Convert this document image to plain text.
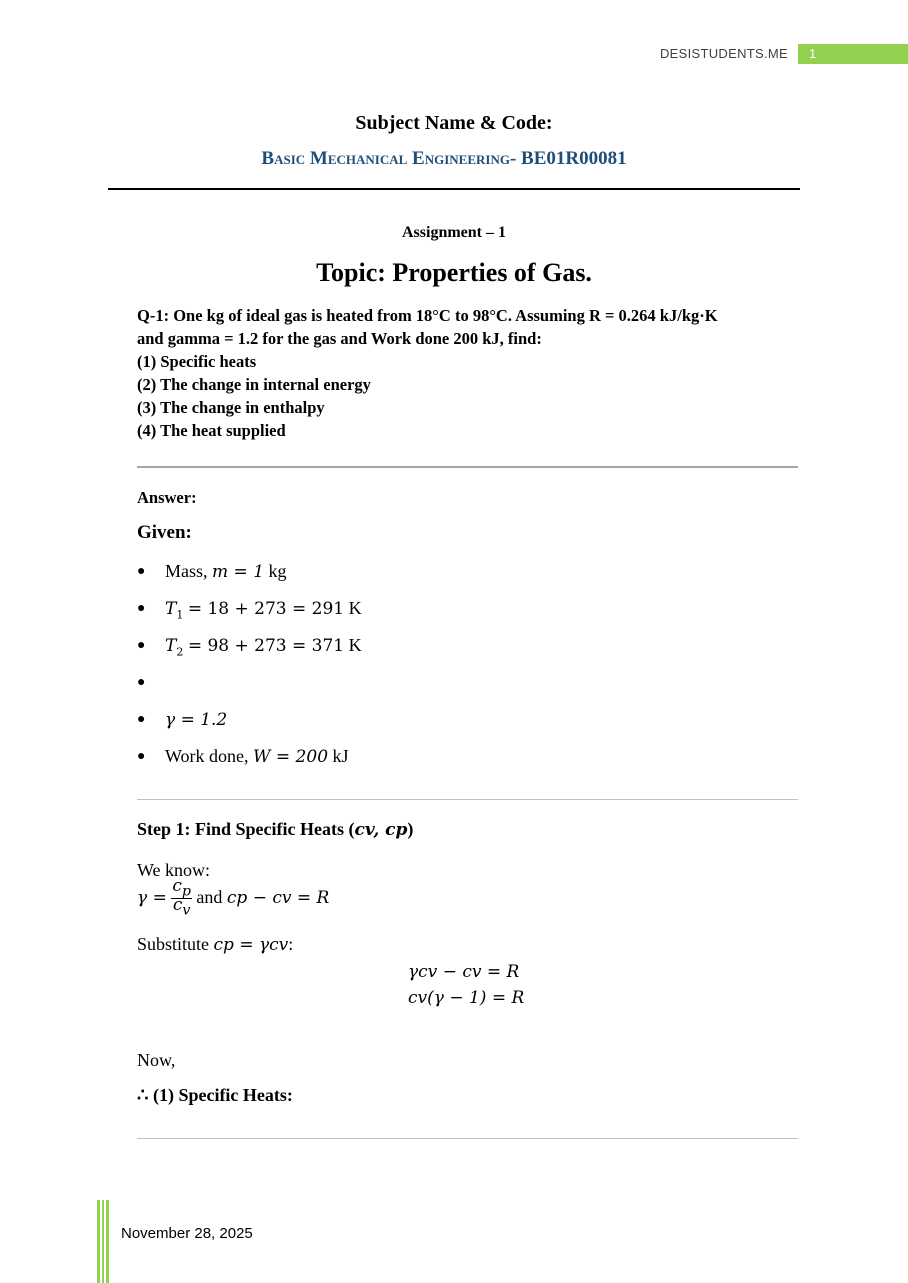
DESISTUDENTS.ME	1
Subject Name & Code:
Basic Mechanical Engineering- BE01R00081
Assignment – 1
Topic: Properties of Gas.
Q-1: One kg of ideal gas is heated from 18°C to 98°C. Assuming R = 0.264 kJ/kg·K
and gamma = 1.2 for the gas and Work done 200 kJ, find:
(1) Specific heats
(2) The change in internal energy
(3) The change in enthalpy
(4) The heat supplied
Answer:
Given:
● Mass, m = 1 kg
● $T_1 = 18 + 273 = 291$ K
● $T_2 = 98 + 273 = 371$ K
●
● γ = 1.2
● Work done, W = 200 kJ
Step 1: Find Specific Heats (cv, cp)
We know:
$\gamma = \frac{c_p}{c_v}$ and cp − cv = R
Substitute cp = γcv:
γcv − cv = R
cv(γ − 1) = R
Now,
∴ (1) Specific Heats:
November 28, 2025
